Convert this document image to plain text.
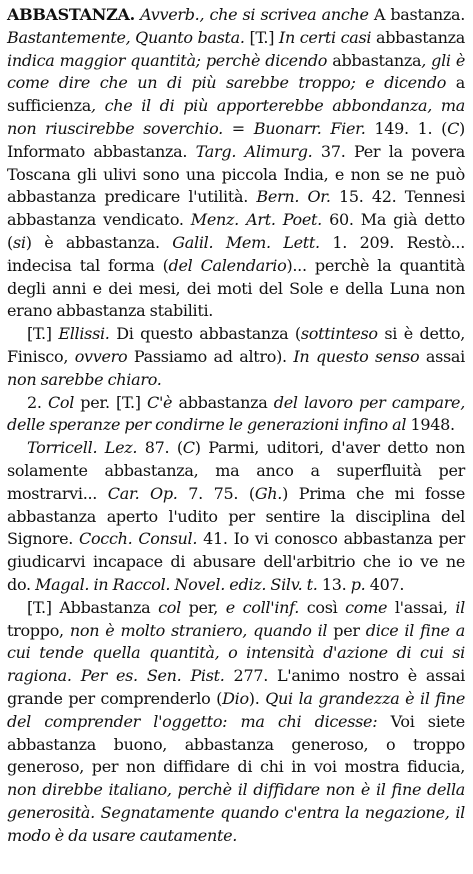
ABBASTANZA. Avverb., che si scrivea anche A bastanza. Bastantemente, Quanto basta. [T.] In certi casi abbastanza indica maggior quantità; perchè dicendo abbastanza, gli è come dire che un di più sarebbe troppo; e dicendo a sufficienza, che il di più apporterebbe abbondanza, ma non riuscirebbe soverchio. = Buonarr. Fier. 149. 1. (C) Informato abbastanza. Targ. Alimurg. 37. Per la povera Toscana gli ulivi sono una piccola India, e non se ne può abbastanza predicare l'utilità. Bern. Or. 15. 42. Tennesi abbastanza vendicato. Menz. Art. Poet. 60. Ma già detto (si) è abbastanza. Galil. Mem. Lett. 1. 209. Restò... indecisa tal forma (del Calendario)... perchè la quantità degli anni e dei mesi, dei moti del Sole e della Luna non erano abbastanza stabiliti.

[T.] Ellissi. Di questo abbastanza (sottinteso si è detto, Finisco, ovvero Passiamo ad altro). In questo senso assai non sarebbe chiaro.

2. Col per. [T.] C'è abbastanza del lavoro per campare, delle speranze per condirne le generazioni infino al 1948.

Torricell. Lez. 87. (C) Parmi, uditori, d'aver detto non solamente abbastanza, ma anco a superfluità per mostrarvi... Car. Op. 7. 75. (Gh.) Prima che mi fosse abbastanza aperto l'udito per sentire la disciplina del Signore. Cocch. Consul. 41. Io vi conosco abbastanza per giudicarvi incapace di abusare dell'arbitrio che io ve ne do. Magal. in Raccol. Novel. ediz. Silv. t. 13. p. 407.

[T.] Abbastanza col per, e coll'inf. così come l'assai, il troppo, non è molto straniero, quando il per dice il fine a cui tende quella quantità, o intensità d'azione di cui si ragiona. Per es. Sen. Pist. 277. L'animo nostro è assai grande per comprenderlo (Dio). Qui la grandezza è il fine del comprender l'oggetto: ma chi dicesse: Voi siete abbastanza buono, abbastanza generoso, o troppo generoso, per non diffidare di chi in voi mostra fiducia, non direbbe italiano, perchè il diffidare non è il fine della generosità. Segnatamente quando c'entra la negazione, il modo è da usare cautamente.
